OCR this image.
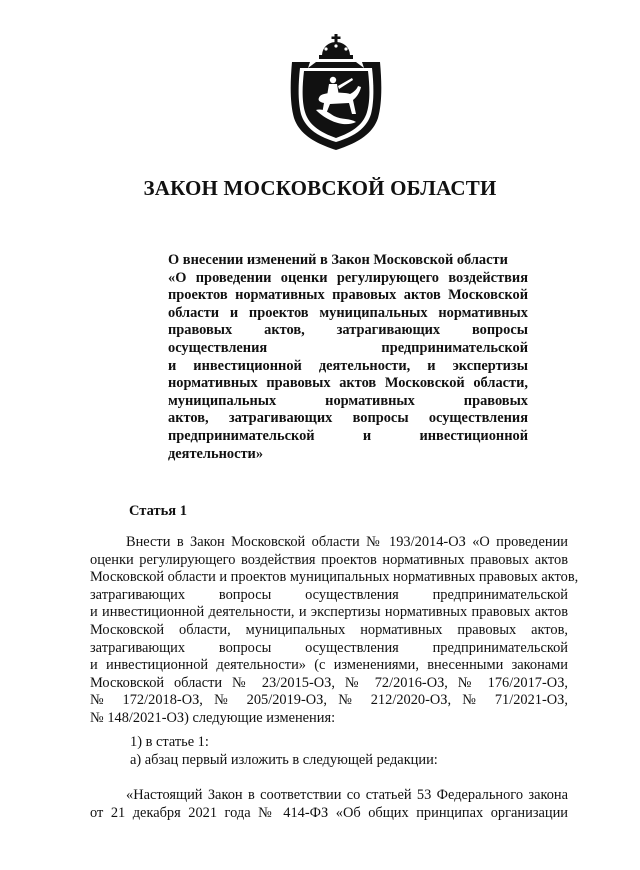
ЗАКОН МОСКОВСКОЙ ОБЛАСТИ
О внесении изменений в Закон Московской области
«О проведении оценки регулирующего воздействия
проектов нормативных правовых актов Московской
области и проектов муниципальных нормативных
правовых актов, затрагивающих вопросы
осуществления предпринимательской
и инвестиционной деятельности, и экспертизы
нормативных правовых актов Московской области,
муниципальных нормативных правовых
актов, затрагивающих вопросы осуществления
предпринимательской и инвестиционной
деятельности»
Статья 1
Внести в Закон Московской области № 193/2014-ОЗ «О проведении
оценки регулирующего воздействия проектов нормативных правовых актов
Московской области и проектов муниципальных нормативных правовых актов,
затрагивающих вопросы осуществления предпринимательской
и инвестиционной деятельности, и экспертизы нормативных правовых актов
Московской области, муниципальных нормативных правовых актов,
затрагивающих вопросы осуществления предпринимательской
и инвестиционной деятельности» (с изменениями, внесенными законами
Московской области № 23/2015-ОЗ, № 72/2016-ОЗ, № 176/2017-ОЗ,
№ 172/2018-ОЗ, № 205/2019-ОЗ, № 212/2020-ОЗ, № 71/2021-ОЗ,
№ 148/2021-ОЗ) следующие изменения:
1) в статье 1:
а) абзац первый изложить в следующей редакции:
«Настоящий Закон в соответствии со статьей 53 Федерального закона
от 21 декабря 2021 года № 414-ФЗ «Об общих принципах организации
